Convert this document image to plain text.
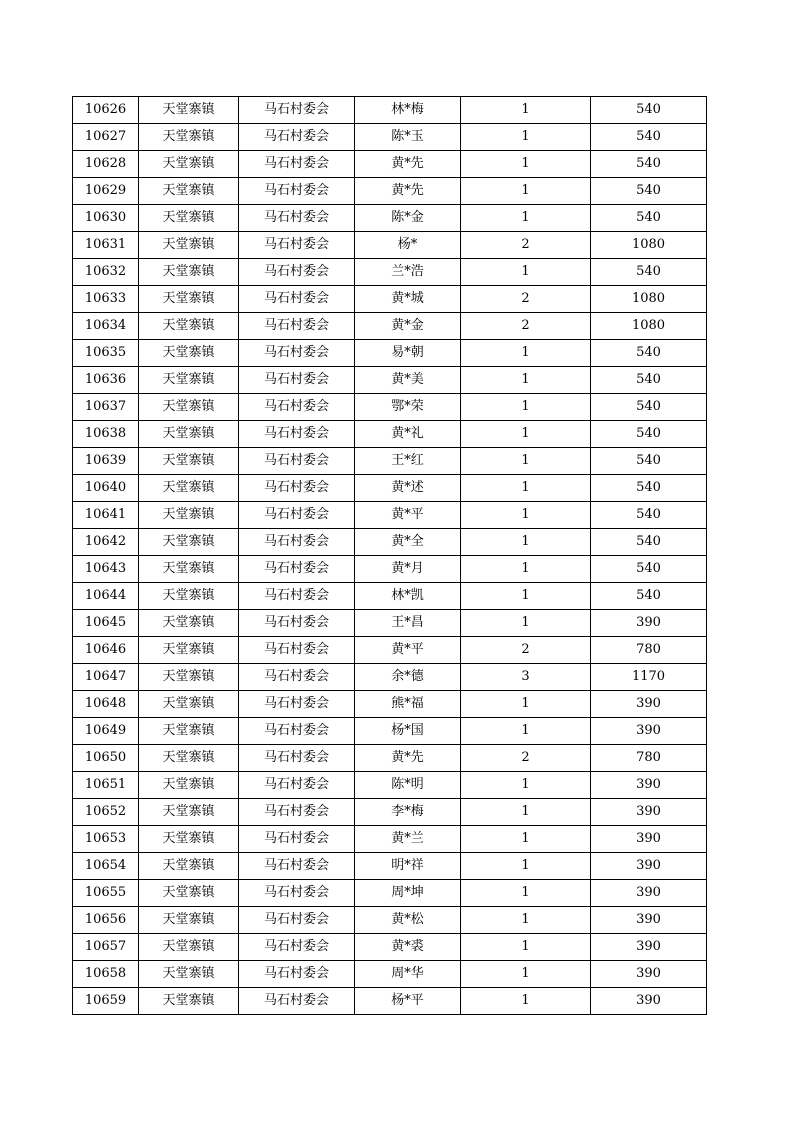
10626	天堂寨镇	马石村委会	林*梅	1	540
10627	天堂寨镇	马石村委会	陈*玉	1	540
10628	天堂寨镇	马石村委会	黄*先	1	540
10629	天堂寨镇	马石村委会	黄*先	1	540
10630	天堂寨镇	马石村委会	陈*金	1	540
10631	天堂寨镇	马石村委会	杨*	2	1080
10632	天堂寨镇	马石村委会	兰*浩	1	540
10633	天堂寨镇	马石村委会	黄*城	2	1080
10634	天堂寨镇	马石村委会	黄*金	2	1080
10635	天堂寨镇	马石村委会	易*朝	1	540
10636	天堂寨镇	马石村委会	黄*美	1	540
10637	天堂寨镇	马石村委会	鄂*荣	1	540
10638	天堂寨镇	马石村委会	黄*礼	1	540
10639	天堂寨镇	马石村委会	王*红	1	540
10640	天堂寨镇	马石村委会	黄*述	1	540
10641	天堂寨镇	马石村委会	黄*平	1	540
10642	天堂寨镇	马石村委会	黄*全	1	540
10643	天堂寨镇	马石村委会	黄*月	1	540
10644	天堂寨镇	马石村委会	林*凯	1	540
10645	天堂寨镇	马石村委会	王*昌	1	390
10646	天堂寨镇	马石村委会	黄*平	2	780
10647	天堂寨镇	马石村委会	余*德	3	1170
10648	天堂寨镇	马石村委会	熊*福	1	390
10649	天堂寨镇	马石村委会	杨*国	1	390
10650	天堂寨镇	马石村委会	黄*先	2	780
10651	天堂寨镇	马石村委会	陈*明	1	390
10652	天堂寨镇	马石村委会	李*梅	1	390
10653	天堂寨镇	马石村委会	黄*兰	1	390
10654	天堂寨镇	马石村委会	明*祥	1	390
10655	天堂寨镇	马石村委会	周*坤	1	390
10656	天堂寨镇	马石村委会	黄*松	1	390
10657	天堂寨镇	马石村委会	黄*裘	1	390
10658	天堂寨镇	马石村委会	周*华	1	390
10659	天堂寨镇	马石村委会	杨*平	1	390
